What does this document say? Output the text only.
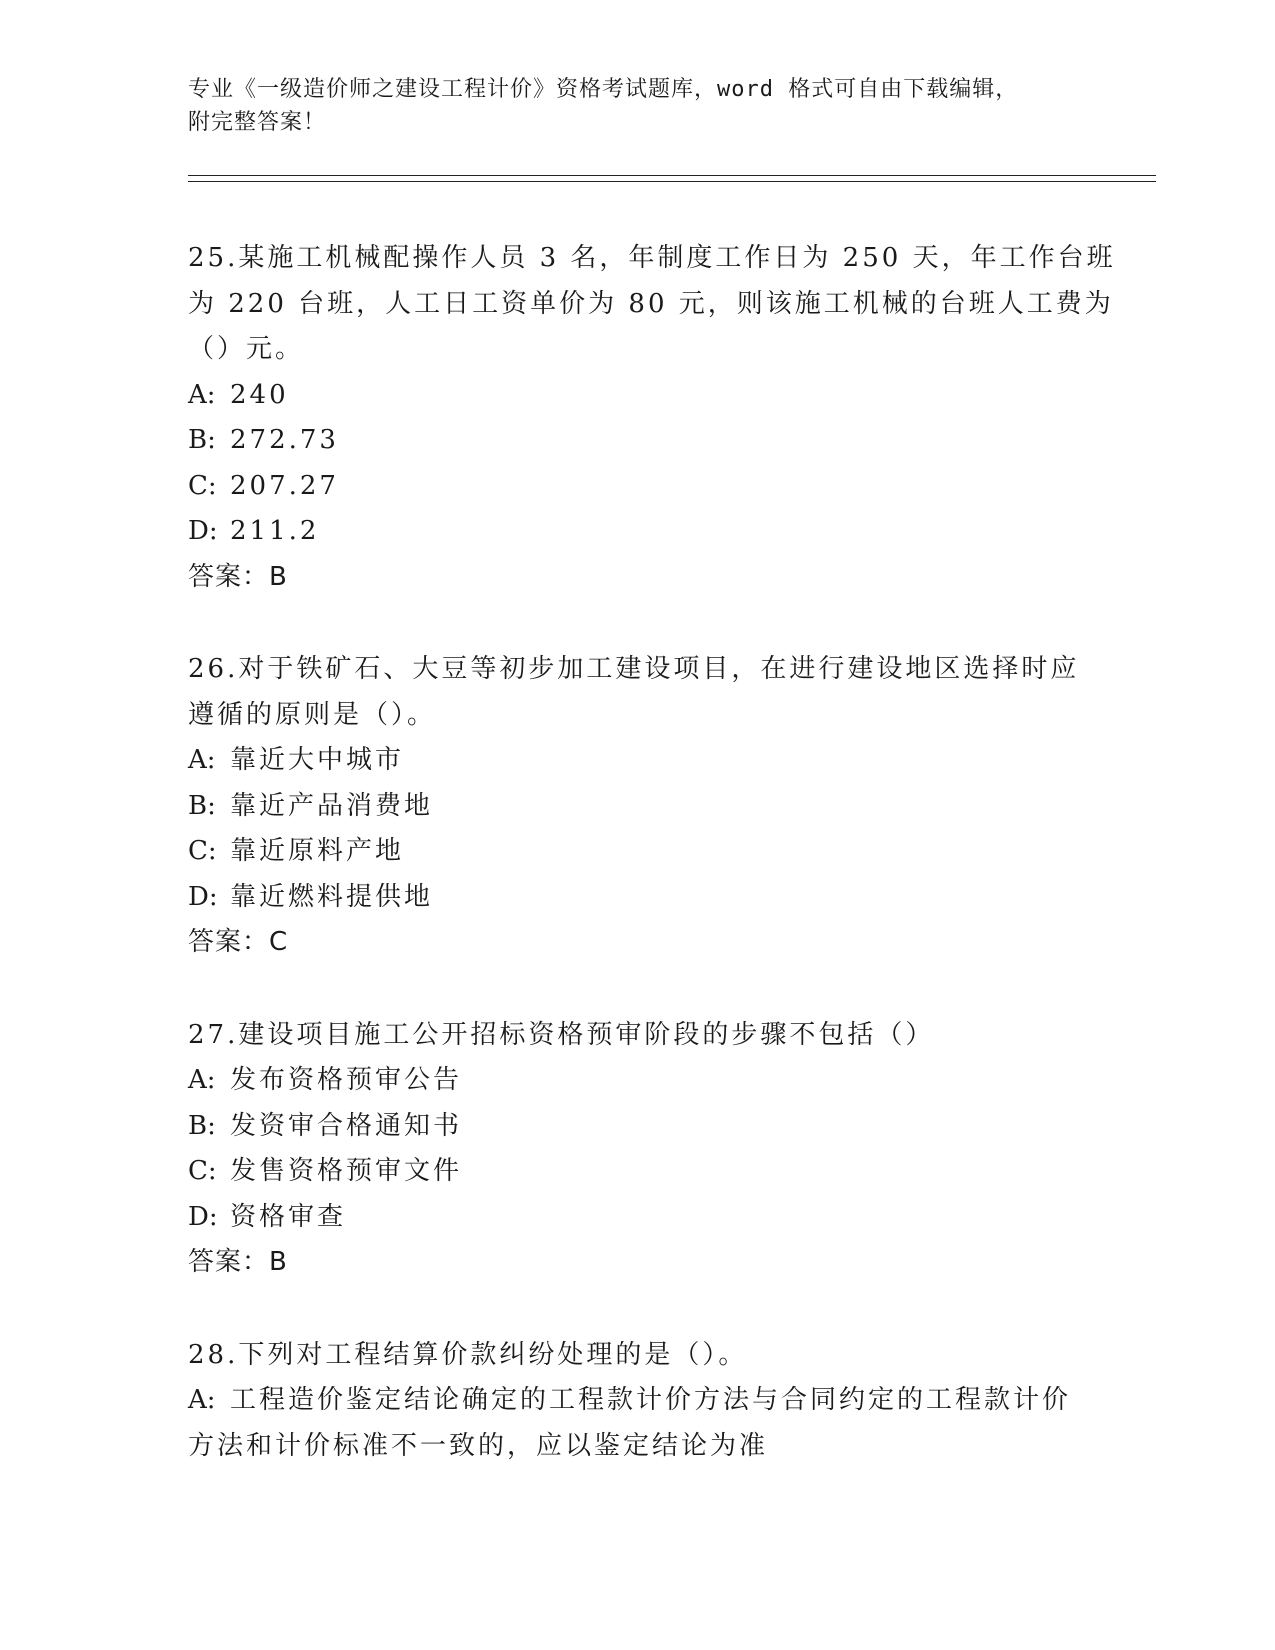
专业《一级造价师之建设工程计价》资格考试题库，word 格式可自由下载编辑，
附完整答案！
25.某施工机械配操作人员 3 名，年制度工作日为 250 天，年工作台班
为 220 台班，人工日工资单价为 80 元，则该施工机械的台班人工费为
（）元。
A: 240
B: 272.73
C: 207.27
D: 211.2
答案：B
26.对于铁矿石、大豆等初步加工建设项目，在进行建设地区选择时应
遵循的原则是（）。
A: 靠近大中城市
B: 靠近产品消费地
C: 靠近原料产地
D: 靠近燃料提供地
答案：C
27.建设项目施工公开招标资格预审阶段的步骤不包括（）
A: 发布资格预审公告
B: 发资审合格通知书
C: 发售资格预审文件
D: 资格审查
答案：B
28.下列对工程结算价款纠纷处理的是（）。
A: 工程造价鉴定结论确定的工程款计价方法与合同约定的工程款计价
方法和计价标准不一致的，应以鉴定结论为准
